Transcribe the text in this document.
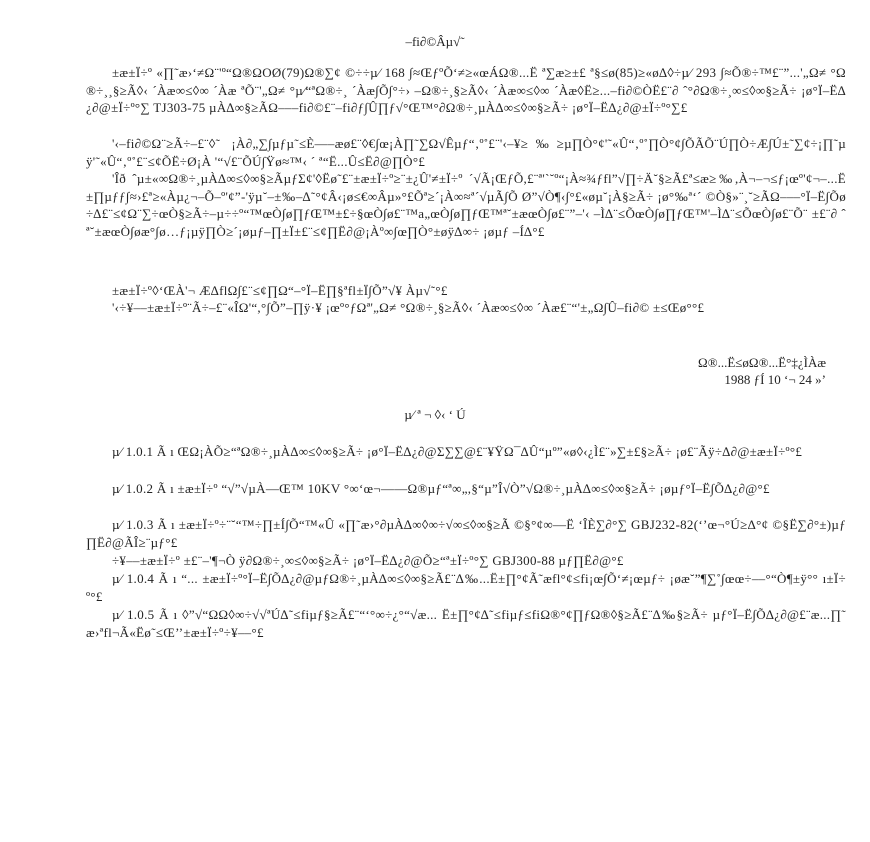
–fi∂©Âµ√˜

±æ±Ï÷º «∏˜æ›‘≠Ω¨'º“Ω®ΩOØ(79)Ω®∑¢ ©÷÷µ⁄ 168 ∫≈ŒƒºÕ‘≠≥«œÁΩ®...Ë ª∑æ≥±£ ª§≤ø(85)≥«ø∆◊÷µ⁄ 293 ∫≈Õ®÷™£¨”...'„Ω≠ °Ω®÷¸¸§≥Ã◊‹ ´Àæ∞≤◊∞ ´Àæ ªÕ¨'„Ω≠ °µ⁄“ªΩ®÷¸ ´Àæ∫Õ∫°÷› –Ω®÷¸§≥Ã◊‹ ´Àæ∞≤◊∞ ´Àæ◊Ë≥...–fi∂©ÒË£¨∂ ˆ°∂Ω®÷¸∞≤◊∞§≥Ã÷ ¡ø°Ï–Ë∆¿∂@±Ï÷º°∑ TJ303-75 µÀ∆∞§≥ÃΩ–––fi∂©£¨–fi∂ƒ∫Û∏ƒ√°Œ™°∂Ω®÷¸µÀ∆∞≤◊∞§≥Ã÷ ¡ø°Ï–Ë∆¿∂@±Ï÷º°∑£

'‹–fi∂©Ω¨≥Ã÷–£¨◊˜ ¡À∂„∑∫µƒµ˜≤È—–æø£¨◊€∫œ¡À∏˜∑Ω√Êµƒ“‚º˚£¨'‹–¥≥‰≥µ∏Ò°¢'˜«Û“‚º˚∏Ò°¢∫ÕÃÕ¨Ú∏Ò÷Æ∫Ú±˜∑¢÷¡∏˜µÿ'˜«Û“‚º˚£¨≤¢ÕË÷Ø¡À '“√£¨ÕÚ∫Ÿø≈™‹ ´ ª“Ë...Û≤Ë∂@∏Ò°£

'Îð ˆµ±«∞Ω®÷¸µÀ∆∞≤◊∞§≥ÃµƒΣ¢'◊Ëø˜£¨±æ±Ï÷º≥¨±¿Û'≠±Ï÷º ´√Ã¡ŒƒÕ,£¨ª'`˘º“¡À≈¾ƒfl”√∏÷Ä˘§≥Ã£ª≤æ≥‰,À¬–¬≤ƒ¡œº'¢¬–...Ë±∏µƒƒ∫≈›£ª≥«Àµ¿¬–Õ–º'¢”-'ÿµ˘–±‰–∆˜°¢Â‹¡ø≤€∞Âµ»°£Õª≥´¡À∞≈ª´√µÃ∫Õ Ø”√Ò¶‹∫°£«øµ˘¡À§≥Ã÷ ¡ø°‰ª‘´ ©Ò§»¨¸˘≥ÃΩ–––°Ï–Ë∫Õø÷∆£¨≤¢Ω¨∑÷œÒ§≥Ã÷–µ÷÷º“™œÒ∫ø∏ƒŒ™±£÷§œÒ∫ø£¨™a„œÒ∫ø∏ƒŒ™ª˘±æœÒ∫ø£¨”–'‹ –Ì∆¨≤ÕœÒ∫ø∏ƒŒ™'–Ì∆¨≤ÕœÒ∫ø£¨Õ¨ ±£¨∂ ˆª˘±æœÒ∫øæ°∫ø…ƒ¡µÿ∏Ò≥´¡øµƒ–∏±Ï±£¨≤¢∏Ë∂@¡Àº∞∫œ∏Ò°±øÿ∆∞÷ ¡øµƒ –Í∆°£

±æ±Ï÷º◊‘ŒÀ'¬ Æ∆flΩ∫£¨≤¢∏Ω“–°Ï–Ë∏§ªfl±Ï∫Õ”√¥ Àµ√˜°£

'‹÷¥––±æ±Ï÷º¨Ã÷–£¨«ÎΩ'“,°∫Õ”–∏ÿ·¥ ¡œº°ƒΩª'„Ω≠ °Ω®÷¸§≥Ã◊‹ ´Àæ∞≤◊∞ ´Àæ£¨“'±„Ω∫Û–fi∂© ±≤Œø°°£

Ω®...Ë≤øΩ®...Ë°‡¿ÌÀæ
1988 ƒÍ 10 ‘¬ 24 »’
µ⁄ ª ¬ ◊‹ ‘ Ú

µ⁄ 1.0.1 Ã ı ŒΩ¡ÀÕ≥“ªΩ®÷¸µÀ∆∞≤◊∞§≥Ã÷ ¡ø°Ï–Ë∆¿∂@Σ∑∑@£¨¥ŸΩ¯∆Û“µº”«ø◊‹¿Ì£¨»∑±£§≥Ã÷ ¡ø£¨Ãÿ÷∆∂@±æ±Ï÷º°£

µ⁄ 1.0.2 Ã ı ±æ±Ï÷º “√”√µÀ—Œ™ 10KV °∞‘œ¬——Ω®µƒ“ª∞„,§“µ”Î√Ò”√Ω®÷¸µÀ∆∞≤◊∞§≥Ã÷ ¡øµƒ°Ï–Ë∫Õ∆¿∂@°£

µ⁄ 1.0.3 Ã ı ±æ±Ï÷º÷¨˘“™÷∏±Í∫Õ“™«Û «∏˜æ›°∂µÀ∆∞◊∞÷√∞≤◊∞§≥Ã ©§°¢∞—Ë ‘ÎÈ∑∂°∑ GBJ232-82(‘’œ¬°Ú≥Δ°¢ ©§Ë∑∂°±)µƒ∏Ë∂@ÃÎ≥¨µƒ°£

÷¥––±æ±Ï÷º ±£¨–'¶¬Ò ÿ∂Ω®÷¸∞≤◊∞§≥Ã÷ ¡ø°Ï–Ë∆¿∂@Õ≥“ª±Ï÷º°∑ GBJ300-88 µƒ∏Ë∂@°£

µ⁄ 1.0.4 Ã ı “... ±æ±Ï÷º°Ï–Ë∫Õ∆¿∂@µƒΩ®÷¸µÀ∆∞≤◊∞§≥Ã£¨∆‰...Ë±∏°¢Ã˜æfl°¢≤fi¡œ∫Õ‘≠¡œµƒ÷ ¡øæ˘”¶∑˚∫œœ÷––°“Ò¶±ÿ°° ı±Ï÷º°£

µ⁄ 1.0.5 Ã ı ◊”√“ΩΩ◊∞÷√√ªÚ∆˜≤fiµƒ§≥Ã£¨“‘°∞÷¿°“√æ... Ë±∏°¢∆˜≤fiµƒ≤fiΩ®°¢∏ƒΩ®◊§≥Ã£¨∆‰§≥Ã÷ µƒ°Ï–Ë∫Õ∆¿∂@£¨æ...∏˜æ›ªfl¬Ã«Ëø˜≤Œ’’±æ±Ï÷º÷¥––°£
